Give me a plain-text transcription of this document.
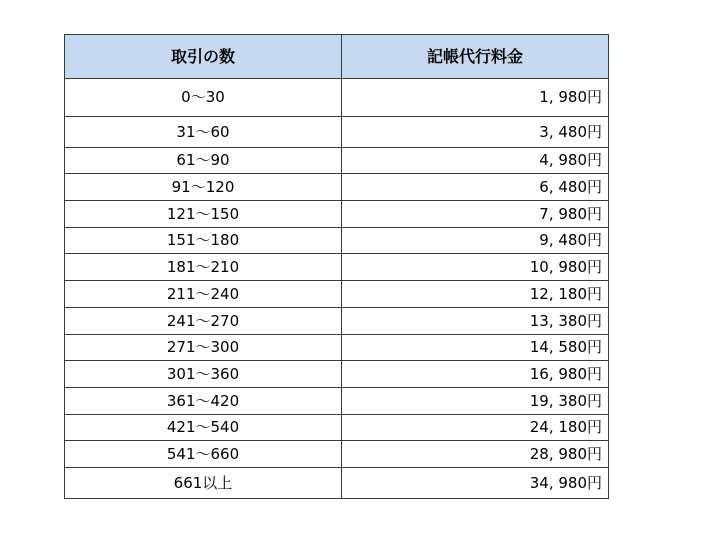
取引の数	記帳代行料金
0～30	1, 980円
31～60	3, 480円
61～90	4, 980円
91～120	6, 480円
121～150	7, 980円
151～180	9, 480円
181～210	10, 980円
211～240	12, 180円
241～270	13, 380円
271～300	14, 580円
301～360	16, 980円
361～420	19, 380円
421～540	24, 180円
541～660	28, 980円
661以上	34, 980円
